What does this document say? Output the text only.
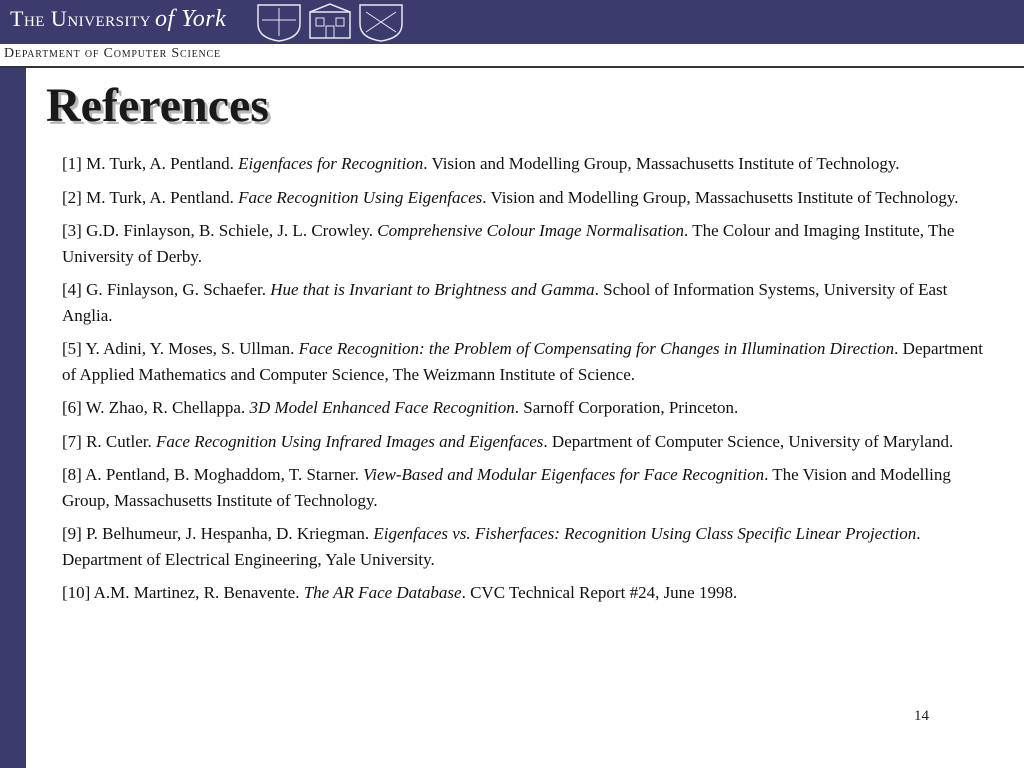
The University of York
Department of Computer Science
References
[1] M. Turk, A. Pentland. Eigenfaces for Recognition. Vision and Modelling Group, Massachusetts Institute of Technology.
[2] M. Turk, A. Pentland. Face Recognition Using Eigenfaces. Vision and Modelling Group, Massachusetts Institute of Technology.
[3] G.D. Finlayson, B. Schiele, J. L. Crowley. Comprehensive Colour Image Normalisation. The Colour and Imaging Institute, The University of Derby.
[4] G. Finlayson, G. Schaefer. Hue that is Invariant to Brightness and Gamma. School of Information Systems, University of East Anglia.
[5] Y. Adini, Y. Moses, S. Ullman. Face Recognition: the Problem of Compensating for Changes in Illumination Direction. Department of Applied Mathematics and Computer Science, The Weizmann Institute of Science.
[6] W. Zhao, R. Chellappa. 3D Model Enhanced Face Recognition. Sarnoff Corporation, Princeton.
[7] R. Cutler. Face Recognition Using Infrared Images and Eigenfaces. Department of Computer Science, University of Maryland.
[8] A. Pentland, B. Moghaddom, T. Starner. View-Based and Modular Eigenfaces for Face Recognition. The Vision and Modelling Group, Massachusetts Institute of Technology.
[9] P. Belhumeur, J. Hespanha, D. Kriegman. Eigenfaces vs. Fisherfaces: Recognition Using Class Specific Linear Projection. Department of Electrical Engineering, Yale University.
[10] A.M. Martinez, R. Benavente. The AR Face Database. CVC Technical Report #24, June 1998.
14
